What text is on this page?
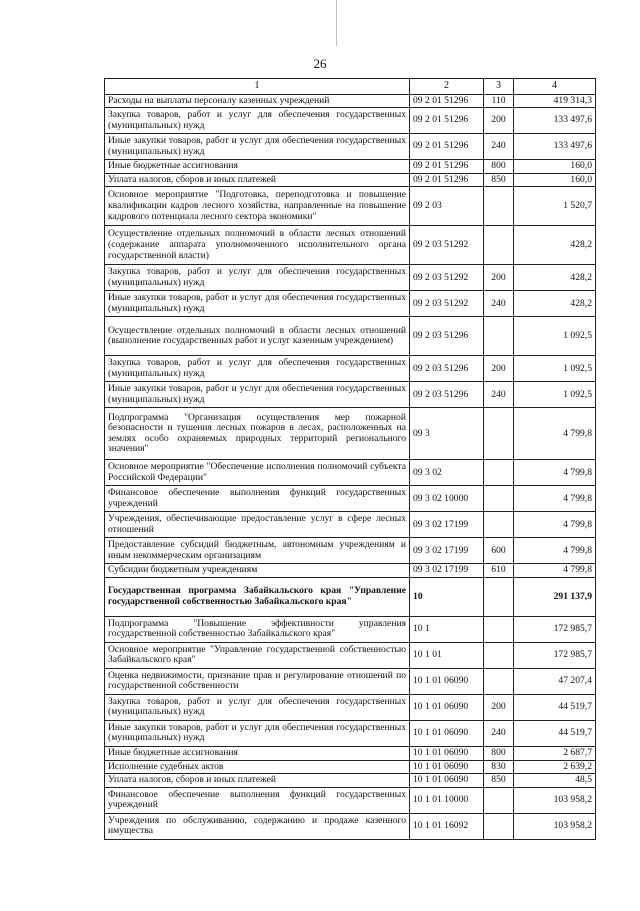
26
1	2	3	4
Расходы на выплаты персоналу казенных учреждений	09 2 01 51296	110	419 314,3
Закупка товаров, работ и услуг для обеспечения государственных (муниципальных) нужд	09 2 01 51296	200	133 497,6
Иные закупки товаров, работ и услуг для обеспечения государственных (муниципальных) нужд	09 2 01 51296	240	133 497,6
Иные бюджетные ассигнования	09 2 01 51296	800	160,0
Уплата налогов, сборов и иных платежей	09 2 01 51296	850	160,0
Основное мероприятие "Подготовка, переподготовка и повышение квалификации кадров лесного хозяйства, направленные на повышение кадрового потенциала лесного сектора экономики"	09 2 03		1 520,7
Осуществление отдельных полномочий в области лесных отношений (содержание аппарата уполномоченного исполнительного органа государственной власти)	09 2 03 51292		428,2
Закупка товаров, работ и услуг для обеспечения государственных (муниципальных) нужд	09 2 03 51292	200	428,2
Иные закупки товаров, работ и услуг для обеспечения государственных (муниципальных) нужд	09 2 03 51292	240	428,2
Осуществление отдельных полномочий в области лесных отношений (выполнение государственных работ и услуг казенным учреждением)	09 2 03 51296		1 092,5
Закупка товаров, работ и услуг для обеспечения государственных (муниципальных) нужд	09 2 03 51296	200	1 092,5
Иные закупки товаров, работ и услуг для обеспечения государственных (муниципальных) нужд	09 2 03 51296	240	1 092,5
Подпрограмма "Организация осуществления мер пожарной безопасности и тушения лесных пожаров в лесах, расположенных на землях особо охраняемых природных территорий регионального значения"	09 3		4 799,8
Основное мероприятие "Обеспечение исполнения полномочий субъекта Российской Федерации"	09 3 02		4 799,8
Финансовое обеспечение выполнения функций государственных учреждений	09 3 02 10000		4 799,8
Учреждения, обеспечивающие предоставление услуг в сфере лесных отношений	09 3 02 17199		4 799,8
Предоставление субсидий бюджетным, автономным учреждениям и иным некоммерческим организациям	09 3 02 17199	600	4 799,8
Субсидии бюджетным учреждениям	09 3 02 17199	610	4 799,8
Государственная программа Забайкальского края "Управление государственной собственностью Забайкальского края"	10		291 137,9
Подпрограмма "Повышение эффективности управления государственной собственностью Забайкальского края"	10 1		172 985,7
Основное мероприятие "Управление государственной собственностью Забайкальского края"	10 1 01		172 985,7
Оценка недвижимости, признание прав и регулирование отношений по государственной собственности	10 1 01 06090		47 207,4
Закупка товаров, работ и услуг для обеспечения государственных (муниципальных) нужд	10 1 01 06090	200	44 519,7
Иные закупки товаров, работ и услуг для обеспечения государственных (муниципальных) нужд	10 1 01 06090	240	44 519,7
Иные бюджетные ассигнования	10 1 01 06090	800	2 687,7
Исполнение судебных актов	10 1 01 06090	830	2 639,2
Уплата налогов, сборов и иных платежей	10 1 01 06090	850	48,5
Финансовое обеспечение выполнения функций государственных учреждений	10 1 01 10000		103 958,2
Учреждения по обслуживанию, содержанию и продаже казенного имущества	10 1 01 16092		103 958,2
